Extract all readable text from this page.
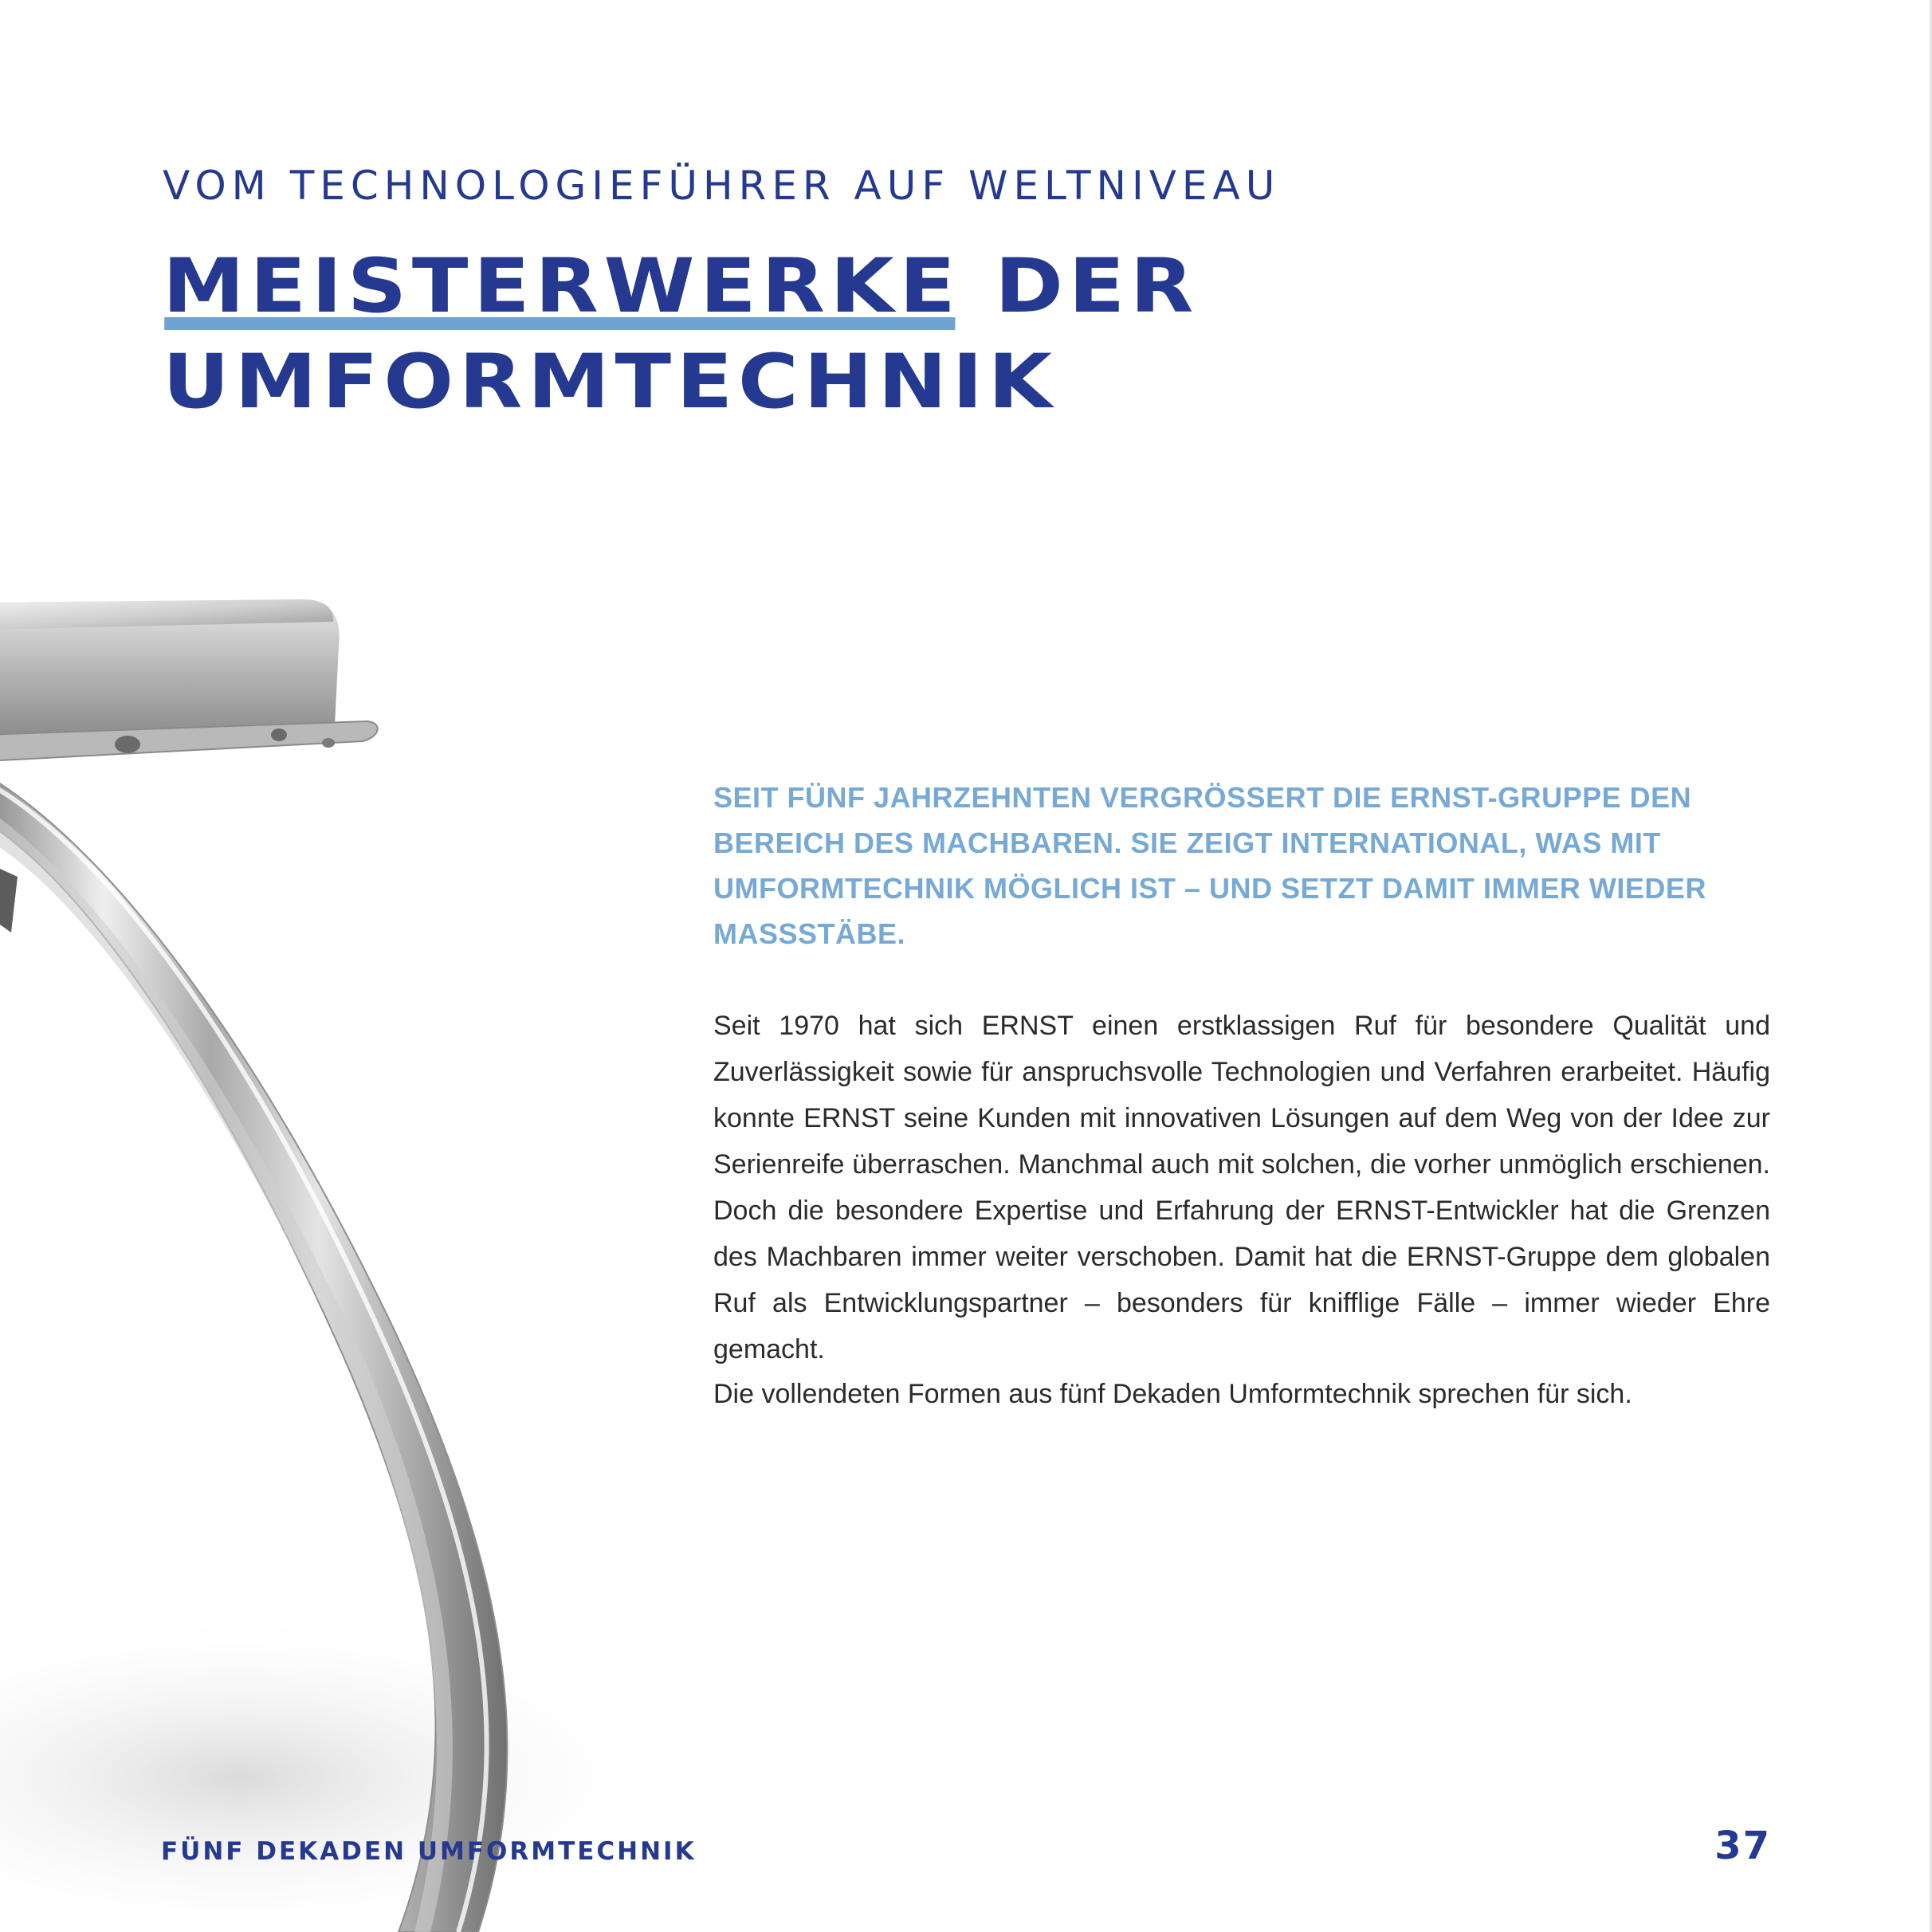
VOM TECHNOLOGIEFÜHRER AUF WELTNIVEAU
MEISTERWERKE DER
UMFORMTECHNIK

SEIT FÜNF JAHRZEHNTEN VERGRÖSSERT DIE ERNST-GRUPPE DEN BEREICH DES MACHBAREN. SIE ZEIGT INTERNATIONAL, WAS MIT UMFORMTECHNIK MÖGLICH IST – UND SETZT DAMIT IMMER WIEDER MASSSTÄBE.

Seit 1970 hat sich ERNST einen erstklassigen Ruf für besondere Qualität und Zuverlässigkeit sowie für anspruchsvolle Technologien und Verfahren erarbeitet. Häufig konnte ERNST seine Kunden mit innovativen Lösungen auf dem Weg von der Idee zur Serienreife überraschen. Manchmal auch mit solchen, die vorher unmöglich erschienen. Doch die besondere Expertise und Erfahrung der ERNST-Entwickler hat die Grenzen des Machbaren immer weiter verschoben. Damit hat die ERNST-Gruppe dem globalen Ruf als Entwicklungspartner – besonders für knifflige Fälle – immer wieder Ehre gemacht.

Die vollendeten Formen aus fünf Dekaden Umformtechnik sprechen für sich.

FÜNF DEKADEN UMFORMTECHNIK	37
